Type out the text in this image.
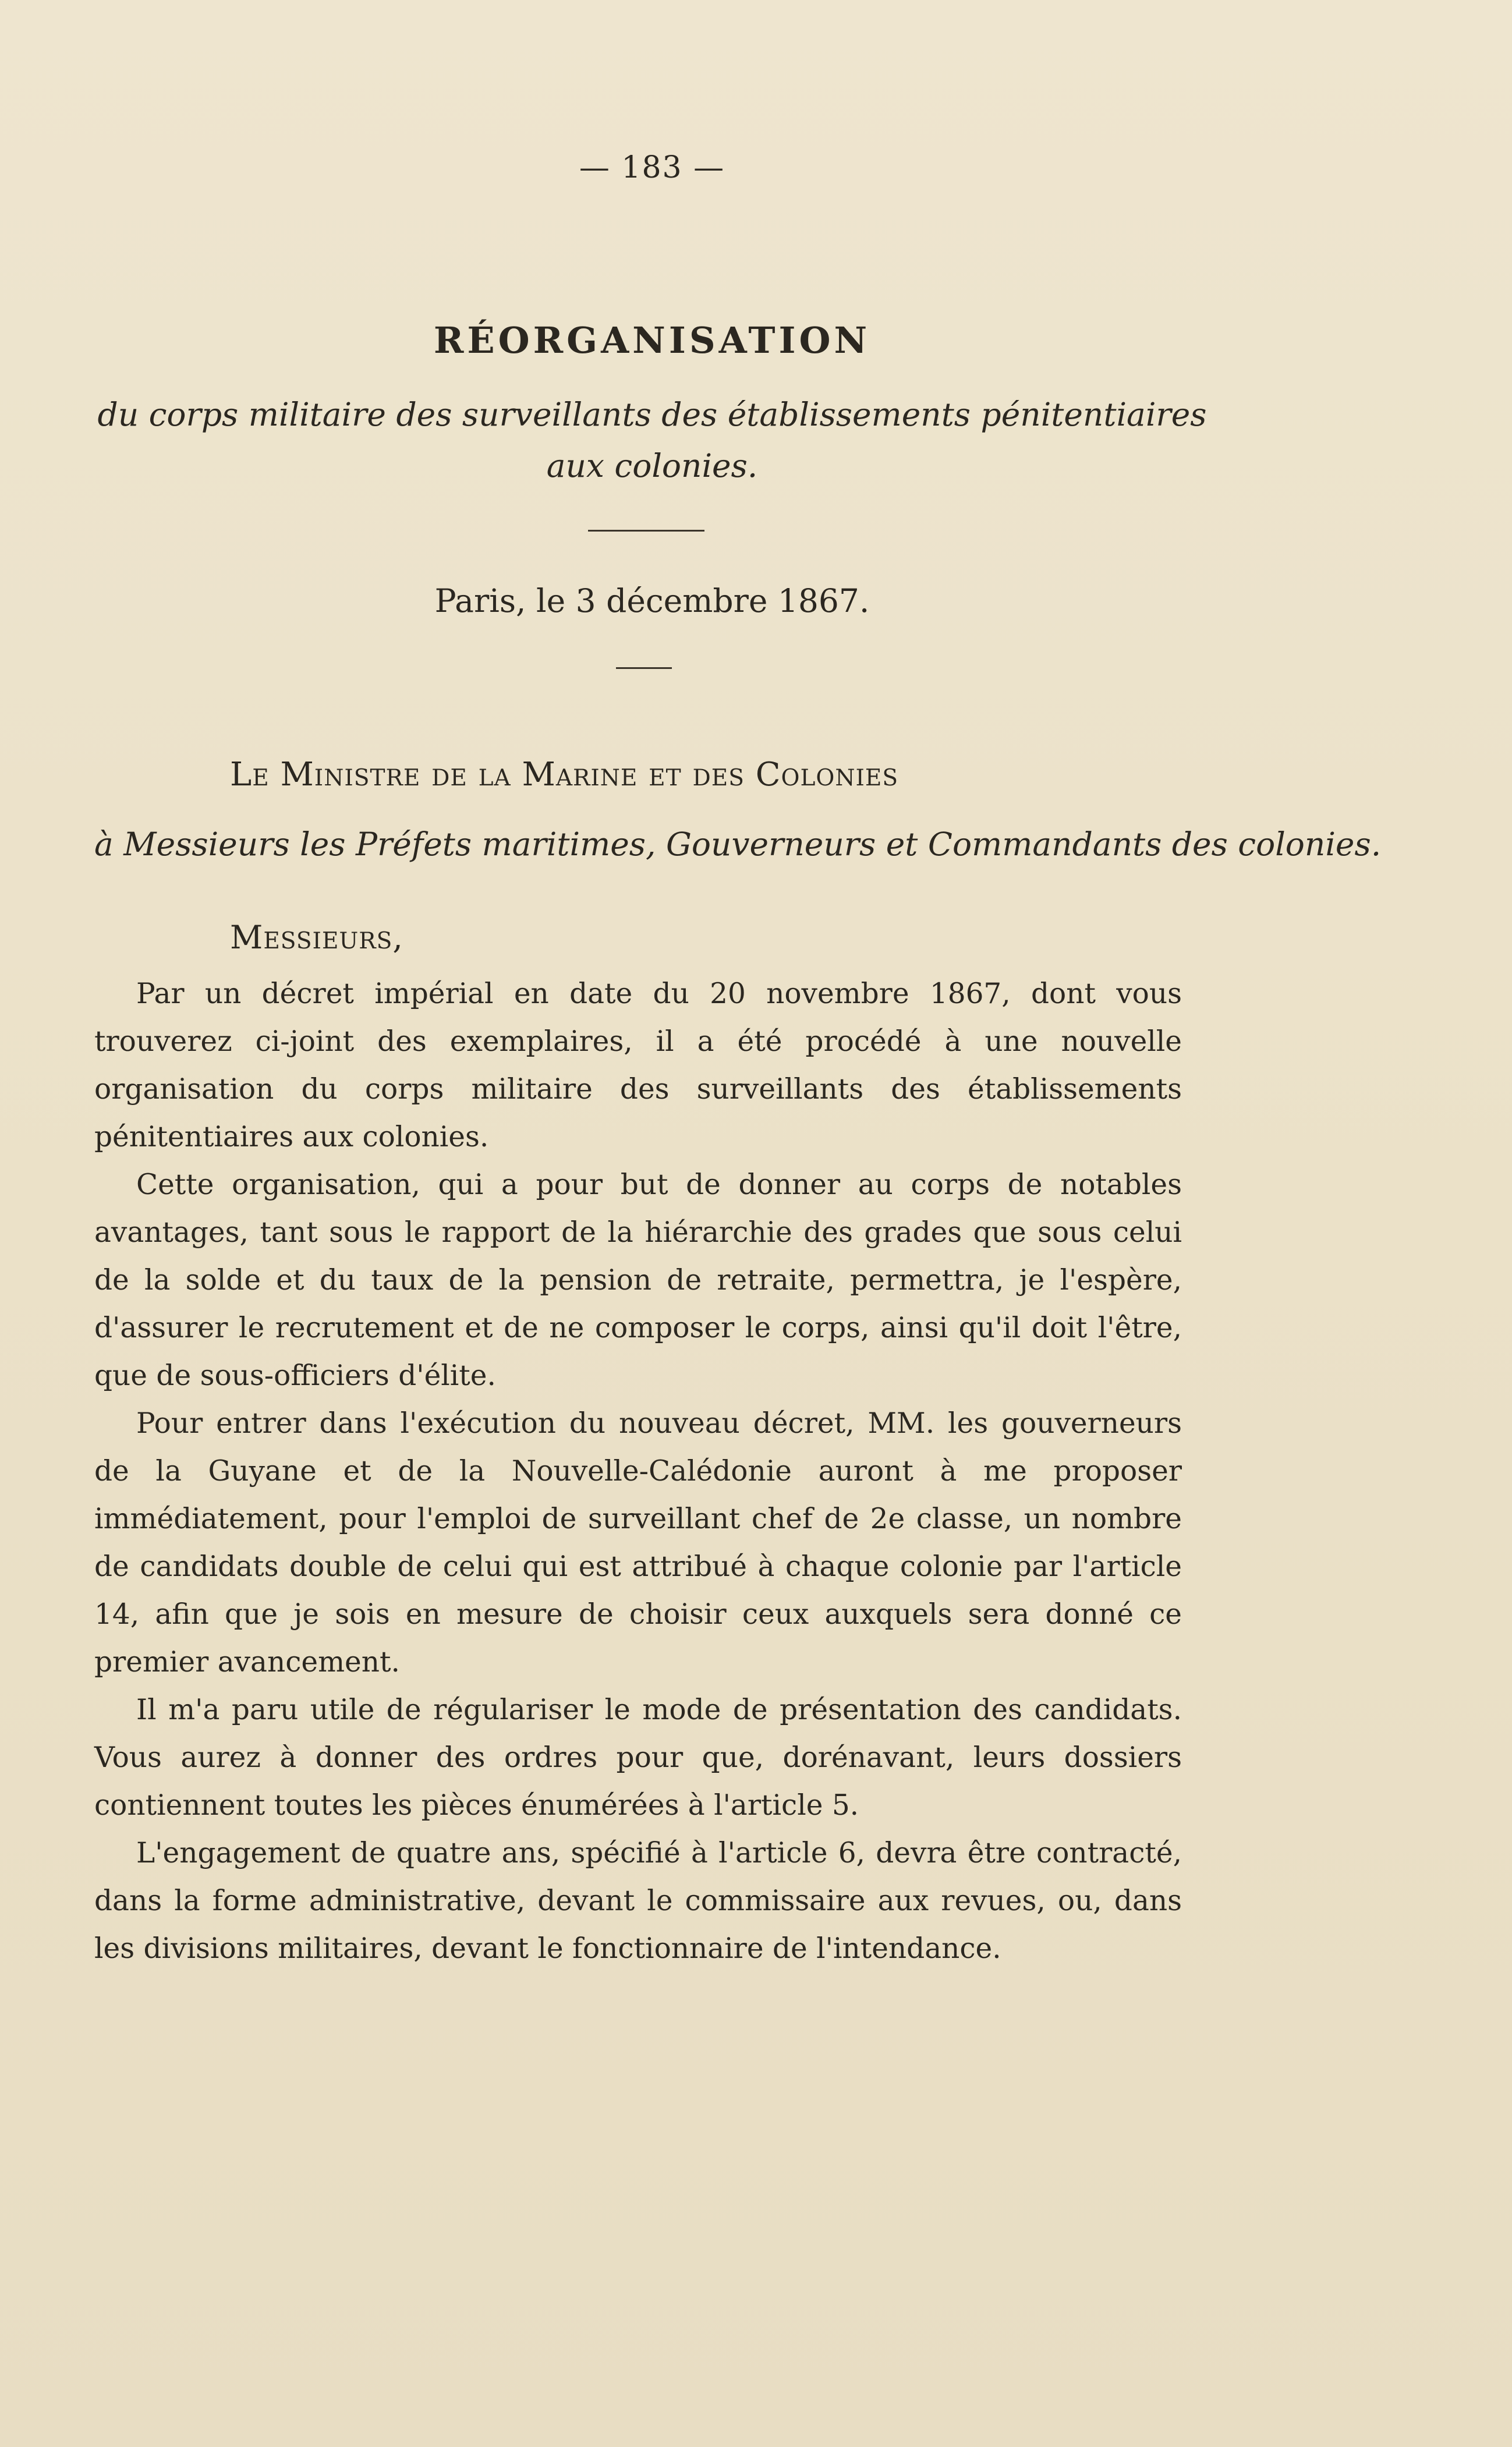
— 183 —
RÉORGANISATION
du corps militaire des surveillants des établissements pénitentiaires
aux colonies.
Paris, le 3 décembre 1867.
Le Ministre de la Marine et des Colonies
à Messieurs les Préfets maritimes, Gouverneurs et Commandants des colonies.
Messieurs,

Par un décret impérial en date du 20 novembre 1867, dont vous trouverez ci-joint des exemplaires, il a été procédé à une nouvelle organisation du corps militaire des surveillants des établissements pénitentiaires aux colonies.

Cette organisation, qui a pour but de donner au corps de notables avantages, tant sous le rapport de la hiérarchie des grades que sous celui de la solde et du taux de la pension de retraite, permettra, je l'espère, d'assurer le recrutement et de ne composer le corps, ainsi qu'il doit l'être, que de sous-officiers d'élite.

Pour entrer dans l'exécution du nouveau décret, MM. les gouverneurs de la Guyane et de la Nouvelle-Calédonie auront à me proposer immédiatement, pour l'emploi de surveillant chef de 2e classe, un nombre de candidats double de celui qui est attribué à chaque colonie par l'article 14, afin que je sois en mesure de choisir ceux auxquels sera donné ce premier avancement.

Il m'a paru utile de régulariser le mode de présentation des candidats. Vous aurez à donner des ordres pour que, dorénavant, leurs dossiers contiennent toutes les pièces énumérées à l'article 5.

L'engagement de quatre ans, spécifié à l'article 6, devra être contracté, dans la forme administrative, devant le commissaire aux revues, ou, dans les divisions militaires, devant le fonctionnaire de l'intendance.
